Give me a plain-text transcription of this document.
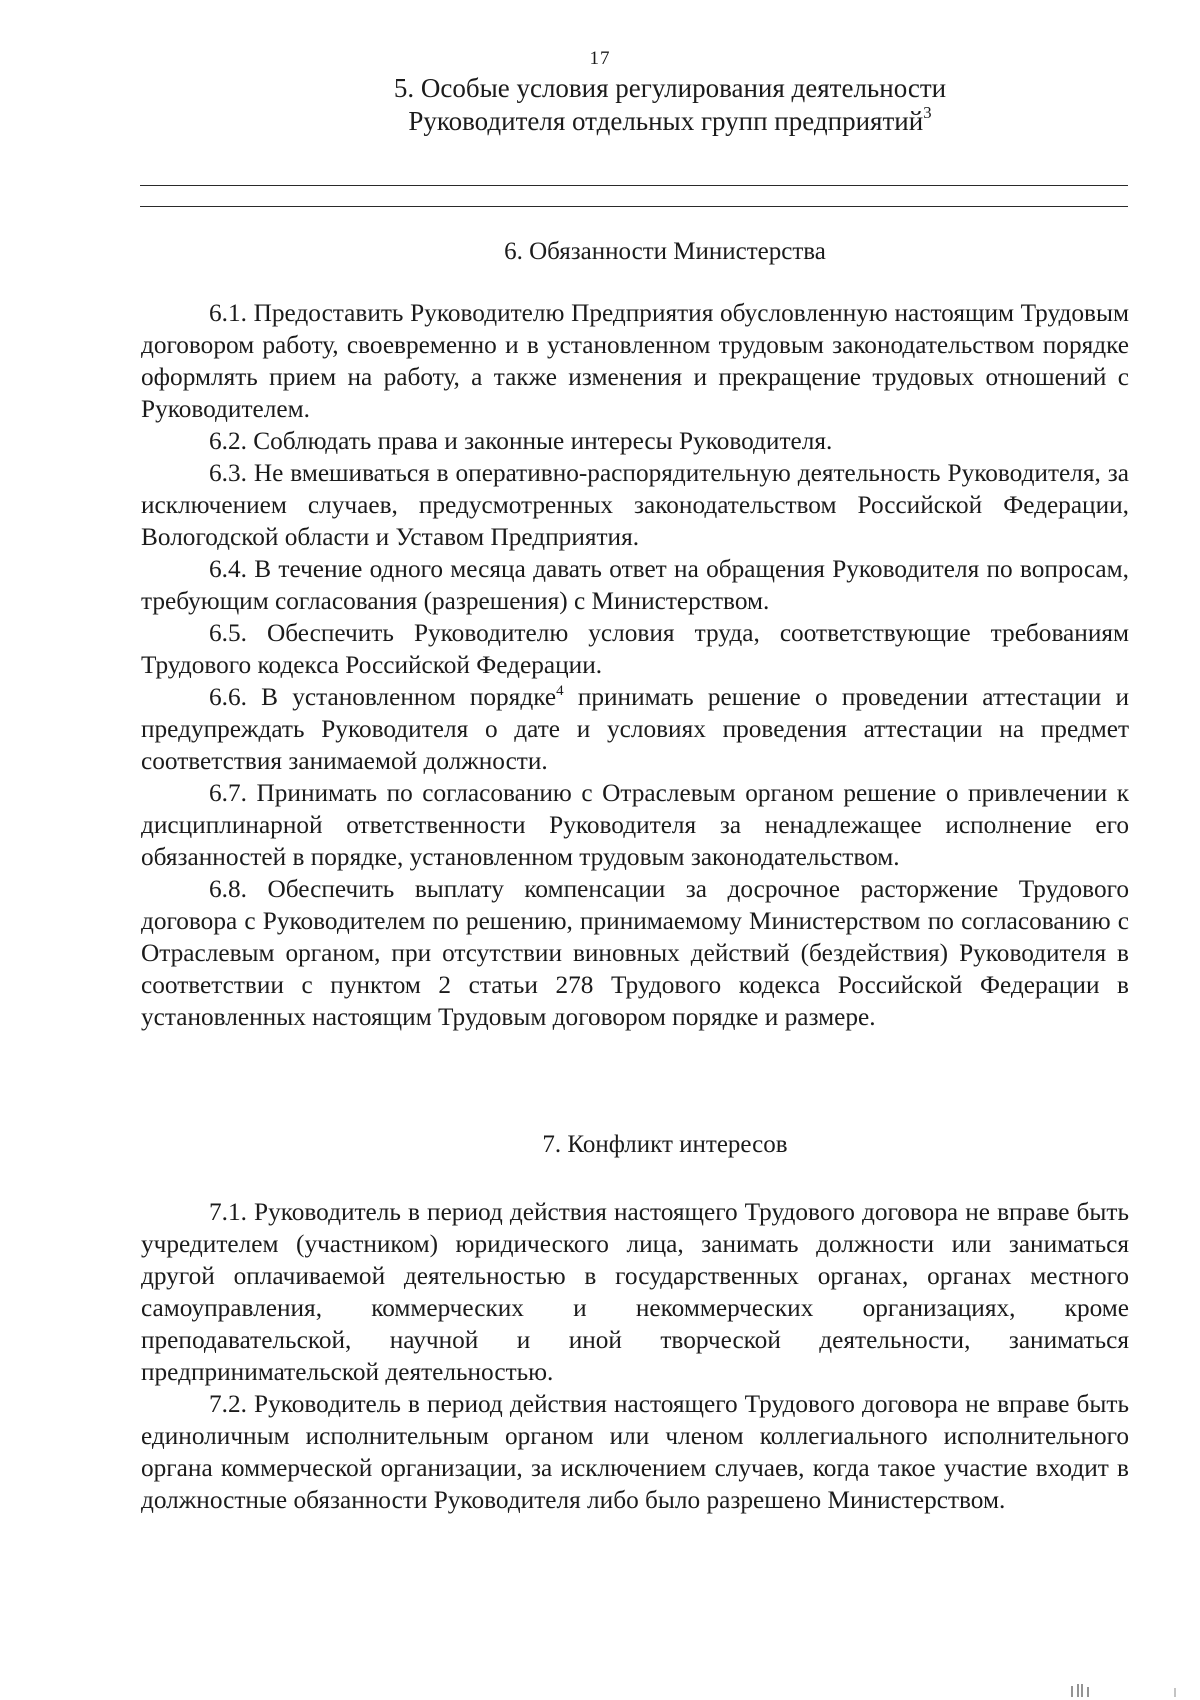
17
5. Особые условия регулирования деятельности
Руководителя отдельных групп предприятий$^3$
6. Обязанности Министерства

6.1. Предоставить Руководителю Предприятия обусловленную настоящим Трудовым договором работу, своевременно и в установленном трудовым законодательством порядке оформлять прием на работу, а также изменения и прекращение трудовых отношений с Руководителем.

6.2. Соблюдать права и законные интересы Руководителя.

6.3. Не вмешиваться в оперативно-распорядительную деятельность Руководителя, за исключением случаев, предусмотренных законодательством Российской Федерации, Вологодской области и Уставом Предприятия.

6.4. В течение одного месяца давать ответ на обращения Руководителя по вопросам, требующим согласования (разрешения) с Министерством.

6.5. Обеспечить Руководителю условия труда, соответствующие требованиям Трудового кодекса Российской Федерации.

6.6. В установленном порядке$^4$ принимать решение о проведении аттестации и предупреждать Руководителя о дате и условиях проведения аттестации на предмет соответствия занимаемой должности.

6.7. Принимать по согласованию с Отраслевым органом решение о привлечении к дисциплинарной ответственности Руководителя за ненадлежащее исполнение его обязанностей в порядке, установленном трудовым законодательством.

6.8. Обеспечить выплату компенсации за досрочное расторжение Трудового договора с Руководителем по решению, принимаемому Министерством по согласованию с Отраслевым органом, при отсутствии виновных действий (бездействия) Руководителя в соответствии с пунктом 2 статьи 278 Трудового кодекса Российской Федерации в установленных настоящим Трудовым договором порядке и размере.

7. Конфликт интересов

7.1. Руководитель в период действия настоящего Трудового договора не вправе быть учредителем (участником) юридического лица, занимать должности или заниматься другой оплачиваемой деятельностью в государственных органах, органах местного самоуправления, коммерческих и некоммерческих организациях, кроме преподавательской, научной и иной творческой деятельности, заниматься предпринимательской деятельностью.

7.2. Руководитель в период действия настоящего Трудового договора не вправе быть единоличным исполнительным органом или членом коллегиального исполнительного органа коммерческой организации, за исключением случаев, когда такое участие входит в должностные обязанности Руководителя либо было разрешено Министерством.
